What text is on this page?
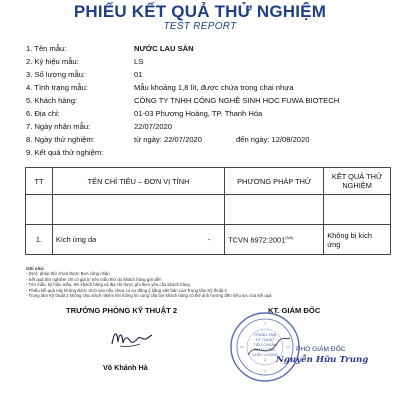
PHIẾU KẾT QUẢ THỬ NGHIỆM
TEST REPORT
1. Tên mẫu:	NƯỚC LAU SÀN
2. Ký hiệu mẫu:	LS
3. Số lượng mẫu:	01
4. Tình trạng mẫu:	Mẫu khoảng 1,8 lít, được chứa trong chai nhựa
5. Khách hàng:	CÔNG TY TNHH CÔNG NGHỆ SINH HỌC FUWA BIOTECH
6. Địa chỉ:	01-03 Phượng Hoàng, TP. Thanh Hóa
7. Ngày nhận mẫu:	22/07/2020
8. Ngày thử nghiệm:	từ ngày: 22/07/2020	đến ngày: 12/08/2020
9. Kết quả thử nghiệm:
TT	TÊN CHỈ TIÊU – ĐƠN VỊ TÍNH		PHƯƠNG PHÁP THỬ	KẾT QUẢ THỬ NGHIỆM

1.	Kích ứng da	-	TCVN $6972:2001^{(NA)}$	Không bị kích ứng
Ghi chú:
- (NA): phép thử chưa được BoA công nhận
- Kết quả thử nghiệm chỉ có giá trị trên mẫu thử do khách hàng gửi đến
- Tên mẫu, ký hiệu mẫu, tên khách hàng và địa chỉ được ghi theo yêu cầu khách hàng
- Phiếu kết quả này không được trích sao nếu chưa có sự đồng ý bằng văn bản của Trung tâm Kỹ thuật 2
- Trung tâm Kỹ thuật 2 không chịu trách nhiệm khi thông tin cung cấp bởi khách hàng có thể ảnh hưởng đến hiệu lực của kết quả
TRƯỞNG PHÒNG KỸ THUẬT 2	KT. GIÁM ĐỐC
Võ Khánh Hà
TRUNG TÂM
KỸ THUẬT
TIÊU CHUẨN
ĐO LƯỜNG
CHẤT LƯỢNG
2
PHÓ GIÁM ĐỐC
Nguyễn Hữu Trung
